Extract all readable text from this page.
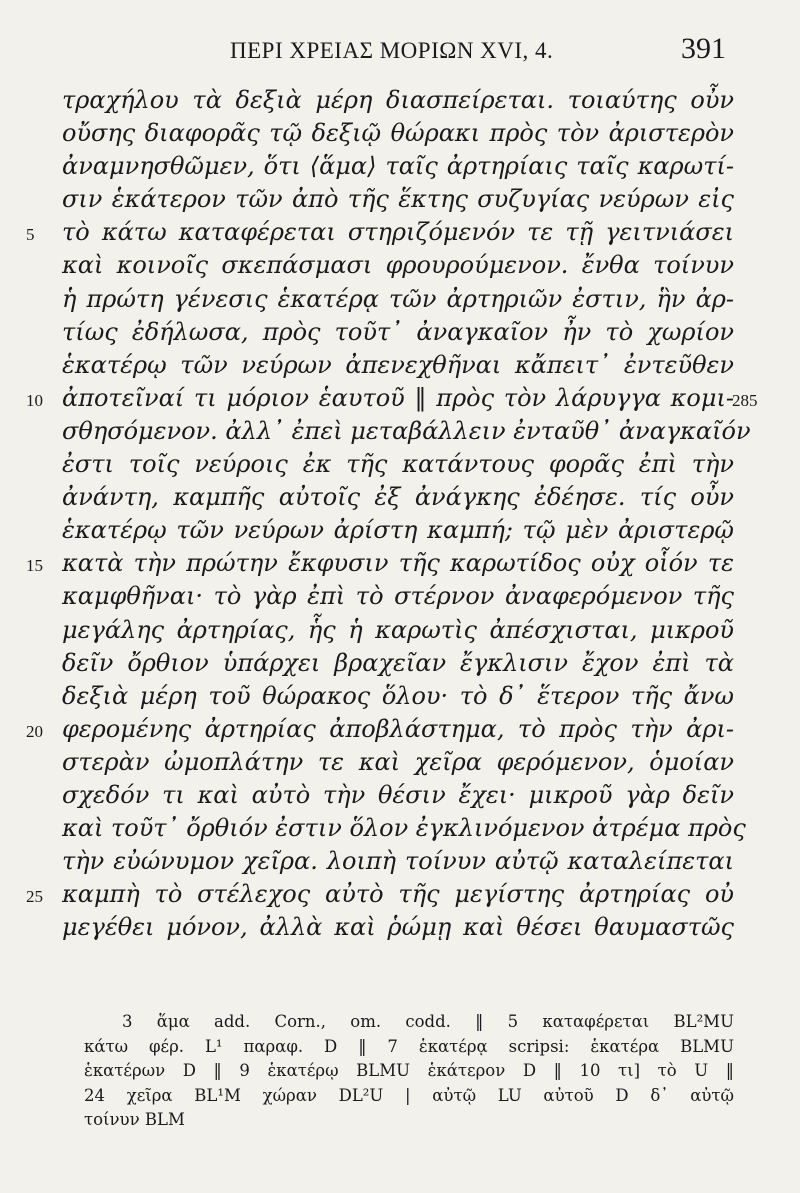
ΠΕΡΙ ΧΡΕΙΑΣ ΜΟΡΙΩΝ XVI, 4.	391
τραχήλου τὰ δεξιὰ μέρη διασπείρεται. τοιαύτης οὖν
οὔσης διαφορᾶς τῷ δεξιῷ θώρακι πρὸς τὸν ἀριστερὸν
ἀναμνησθῶμεν, ὅτι ⟨ἅμα⟩ ταῖς ἀρτηρίαις ταῖς καρωτί-
σιν ἑκάτερον τῶν ἀπὸ τῆς ἕκτης συζυγίας νεύρων εἰς
5	τὸ κάτω καταφέρεται στηριζόμενόν τε τῇ γειτνιάσει
καὶ κοινοῖς σκεπάσμασι φρουρούμενον. ἔνθα τοίνυν
ἡ πρώτη γένεσις ἑκατέρᾳ τῶν ἀρτηριῶν ἐστιν, ἣν ἀρ-
τίως ἐδήλωσα, πρὸς τοῦτ᾽ ἀναγκαῖον ἦν τὸ χωρίον
ἑκατέρῳ τῶν νεύρων ἀπενεχθῆναι κἄπειτ᾽ ἐντεῦθεν
10 ἀποτεῖναί τι μόριον ἑαυτοῦ ‖ πρὸς τὸν λάρυγγα κομι-
285
σθησόμενον. ἀλλ᾽ ἐπεὶ μεταβάλλειν ἐνταῦθ᾽ ἀναγκαῖόν
ἐστι τοῖς νεύροις ἐκ τῆς κατάντους φορᾶς ἐπὶ τὴν
ἀνάντη, καμπῆς αὐτοῖς ἐξ ἀνάγκης ἐδέησε. τίς οὖν
ἑκατέρῳ τῶν νεύρων ἀρίστη καμπή; τῷ μὲν ἀριστερῷ
15 κατὰ τὴν πρώτην ἔκφυσιν τῆς καρωτίδος οὐχ οἷόν τε
καμφθῆναι· τὸ γὰρ ἐπὶ τὸ στέρνον ἀναφερόμενον τῆς
μεγάλης ἀρτηρίας, ἧς ἡ καρωτὶς ἀπέσχισται, μικροῦ
δεῖν ὄρθιον ὑπάρχει βραχεῖαν ἔγκλισιν ἔχον ἐπὶ τὰ
δεξιὰ μέρη τοῦ θώρακος ὅλου· τὸ δ᾽ ἕτερον τῆς ἄνω
20 φερομένης ἀρτηρίας ἀποβλάστημα, τὸ πρὸς τὴν ἀρι-
στερὰν ὠμοπλάτην τε καὶ χεῖρα φερόμενον, ὁμοίαν
σχεδόν τι καὶ αὐτὸ τὴν θέσιν ἔχει· μικροῦ γὰρ δεῖν
καὶ τοῦτ᾽ ὄρθιόν ἐστιν ὅλον ἐγκλινόμενον ἀτρέμα πρὸς
τὴν εὐώνυμον χεῖρα. λοιπὴ τοίνυν αὐτῷ καταλείπεται
25 καμπὴ τὸ στέλεχος αὐτὸ τῆς μεγίστης ἀρτηρίας οὐ
μεγέθει μόνον, ἀλλὰ καὶ ῥώμῃ καὶ θέσει θαυμαστῶς
3 ἅμα add. Corn., om. codd. ‖ 5 καταφέρεται BL²MU
κάτω φέρ. L¹ παραφ. D ‖ 7 ἑκατέρᾳ scripsi: ἑκατέρα BLMU
ἑκατέρων D ‖ 9 ἑκατέρῳ BLMU ἑκάτερον D ‖ 10 τι] τὸ U ‖
24 χεῖρα BL¹M χώραν DL²U | αὐτῷ LU αὐτοῦ D δ᾽ αὐτῷ
τοίνυν BLM
